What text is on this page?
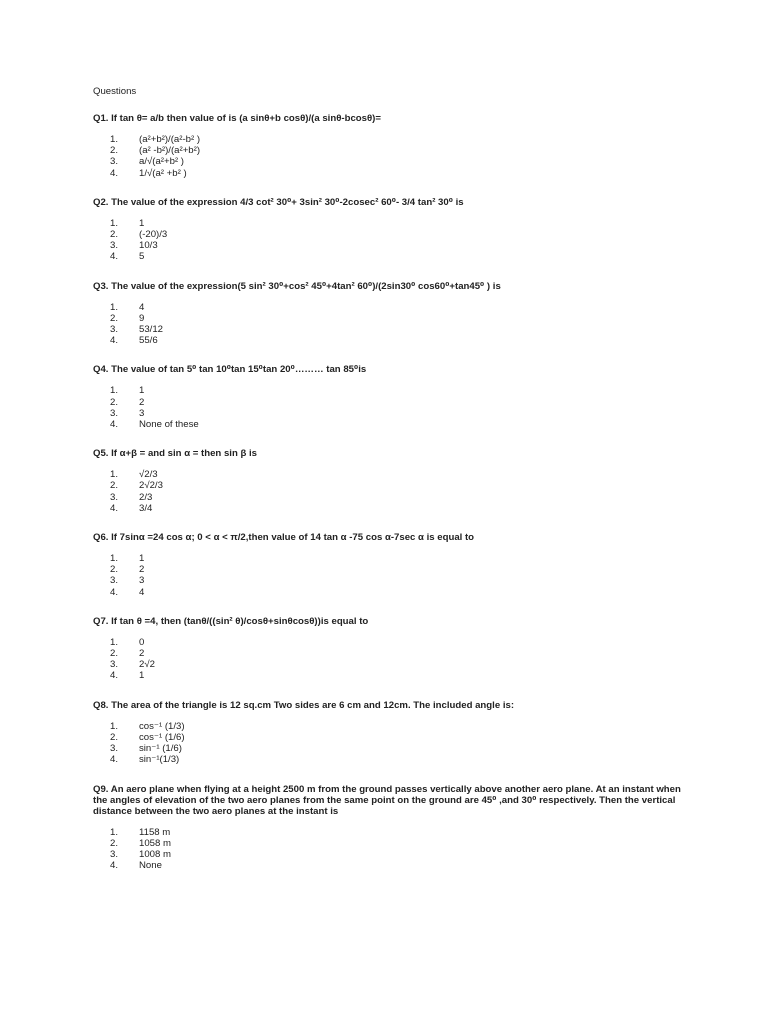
Questions

Q1. If tan θ= a/b then value of is (a sinθ+b cosθ)/(a sinθ-bcosθ)=

1.	(a²+b²)/(a²-b² )
2.	(a² -b²)/(a²+b²)
3.	a/√(a²+b² )
4.	1/√(a² +b² )

Q2. The value of the expression 4/3 cot² 30⁰+ 3sin² 30⁰-2cosec² 60⁰- 3/4 tan² 30⁰ is

1.	1
2.	(-20)/3
3.	10/3
4.	5

Q3. The value of the expression(5 sin² 30⁰+cos² 45⁰+4tan² 60⁰)/(2sin30⁰ cos60⁰+tan45⁰ ) is

1.	4
2.	9
3.	53/12
4.	55/6

Q4. The value of tan 5⁰ tan 10⁰tan 15⁰tan 20⁰……… tan 85⁰is

1.	1
2.	2
3.	3
4.	None of these

Q5. If α+β = and sin α = then sin β is

1.	√2/3
2.	2√2/3
3.	2/3
4.	3/4

Q6. If 7sinα =24 cos α; 0 < α < π/2,then value of 14 tan α -75 cos α-7sec α is equal to

1.	1
2.	2
3.	3
4.	4

Q7. If tan θ =4, then (tanθ/((sin² θ)/cosθ+sinθcosθ))is equal to

1.	0
2.	2
3.	2√2
4.	1

Q8. The area of the triangle is 12 sq.cm Two sides are 6 cm and 12cm. The included angle is:

1.	cos⁻¹ (1/3)
2.	cos⁻¹ (1/6)
3.	sin⁻¹ (1/6)
4.	sin⁻¹(1/3)

Q9. An aero plane when flying at a height 2500 m from the ground passes vertically above another aero plane. At an instant when the angles of elevation of the two aero planes from the same point on the ground are 45⁰ ,and 30⁰ respectively. Then the vertical distance between the two aero planes at the instant is

1.	1158 m
2.	1058 m
3.	1008 m
4.	None
